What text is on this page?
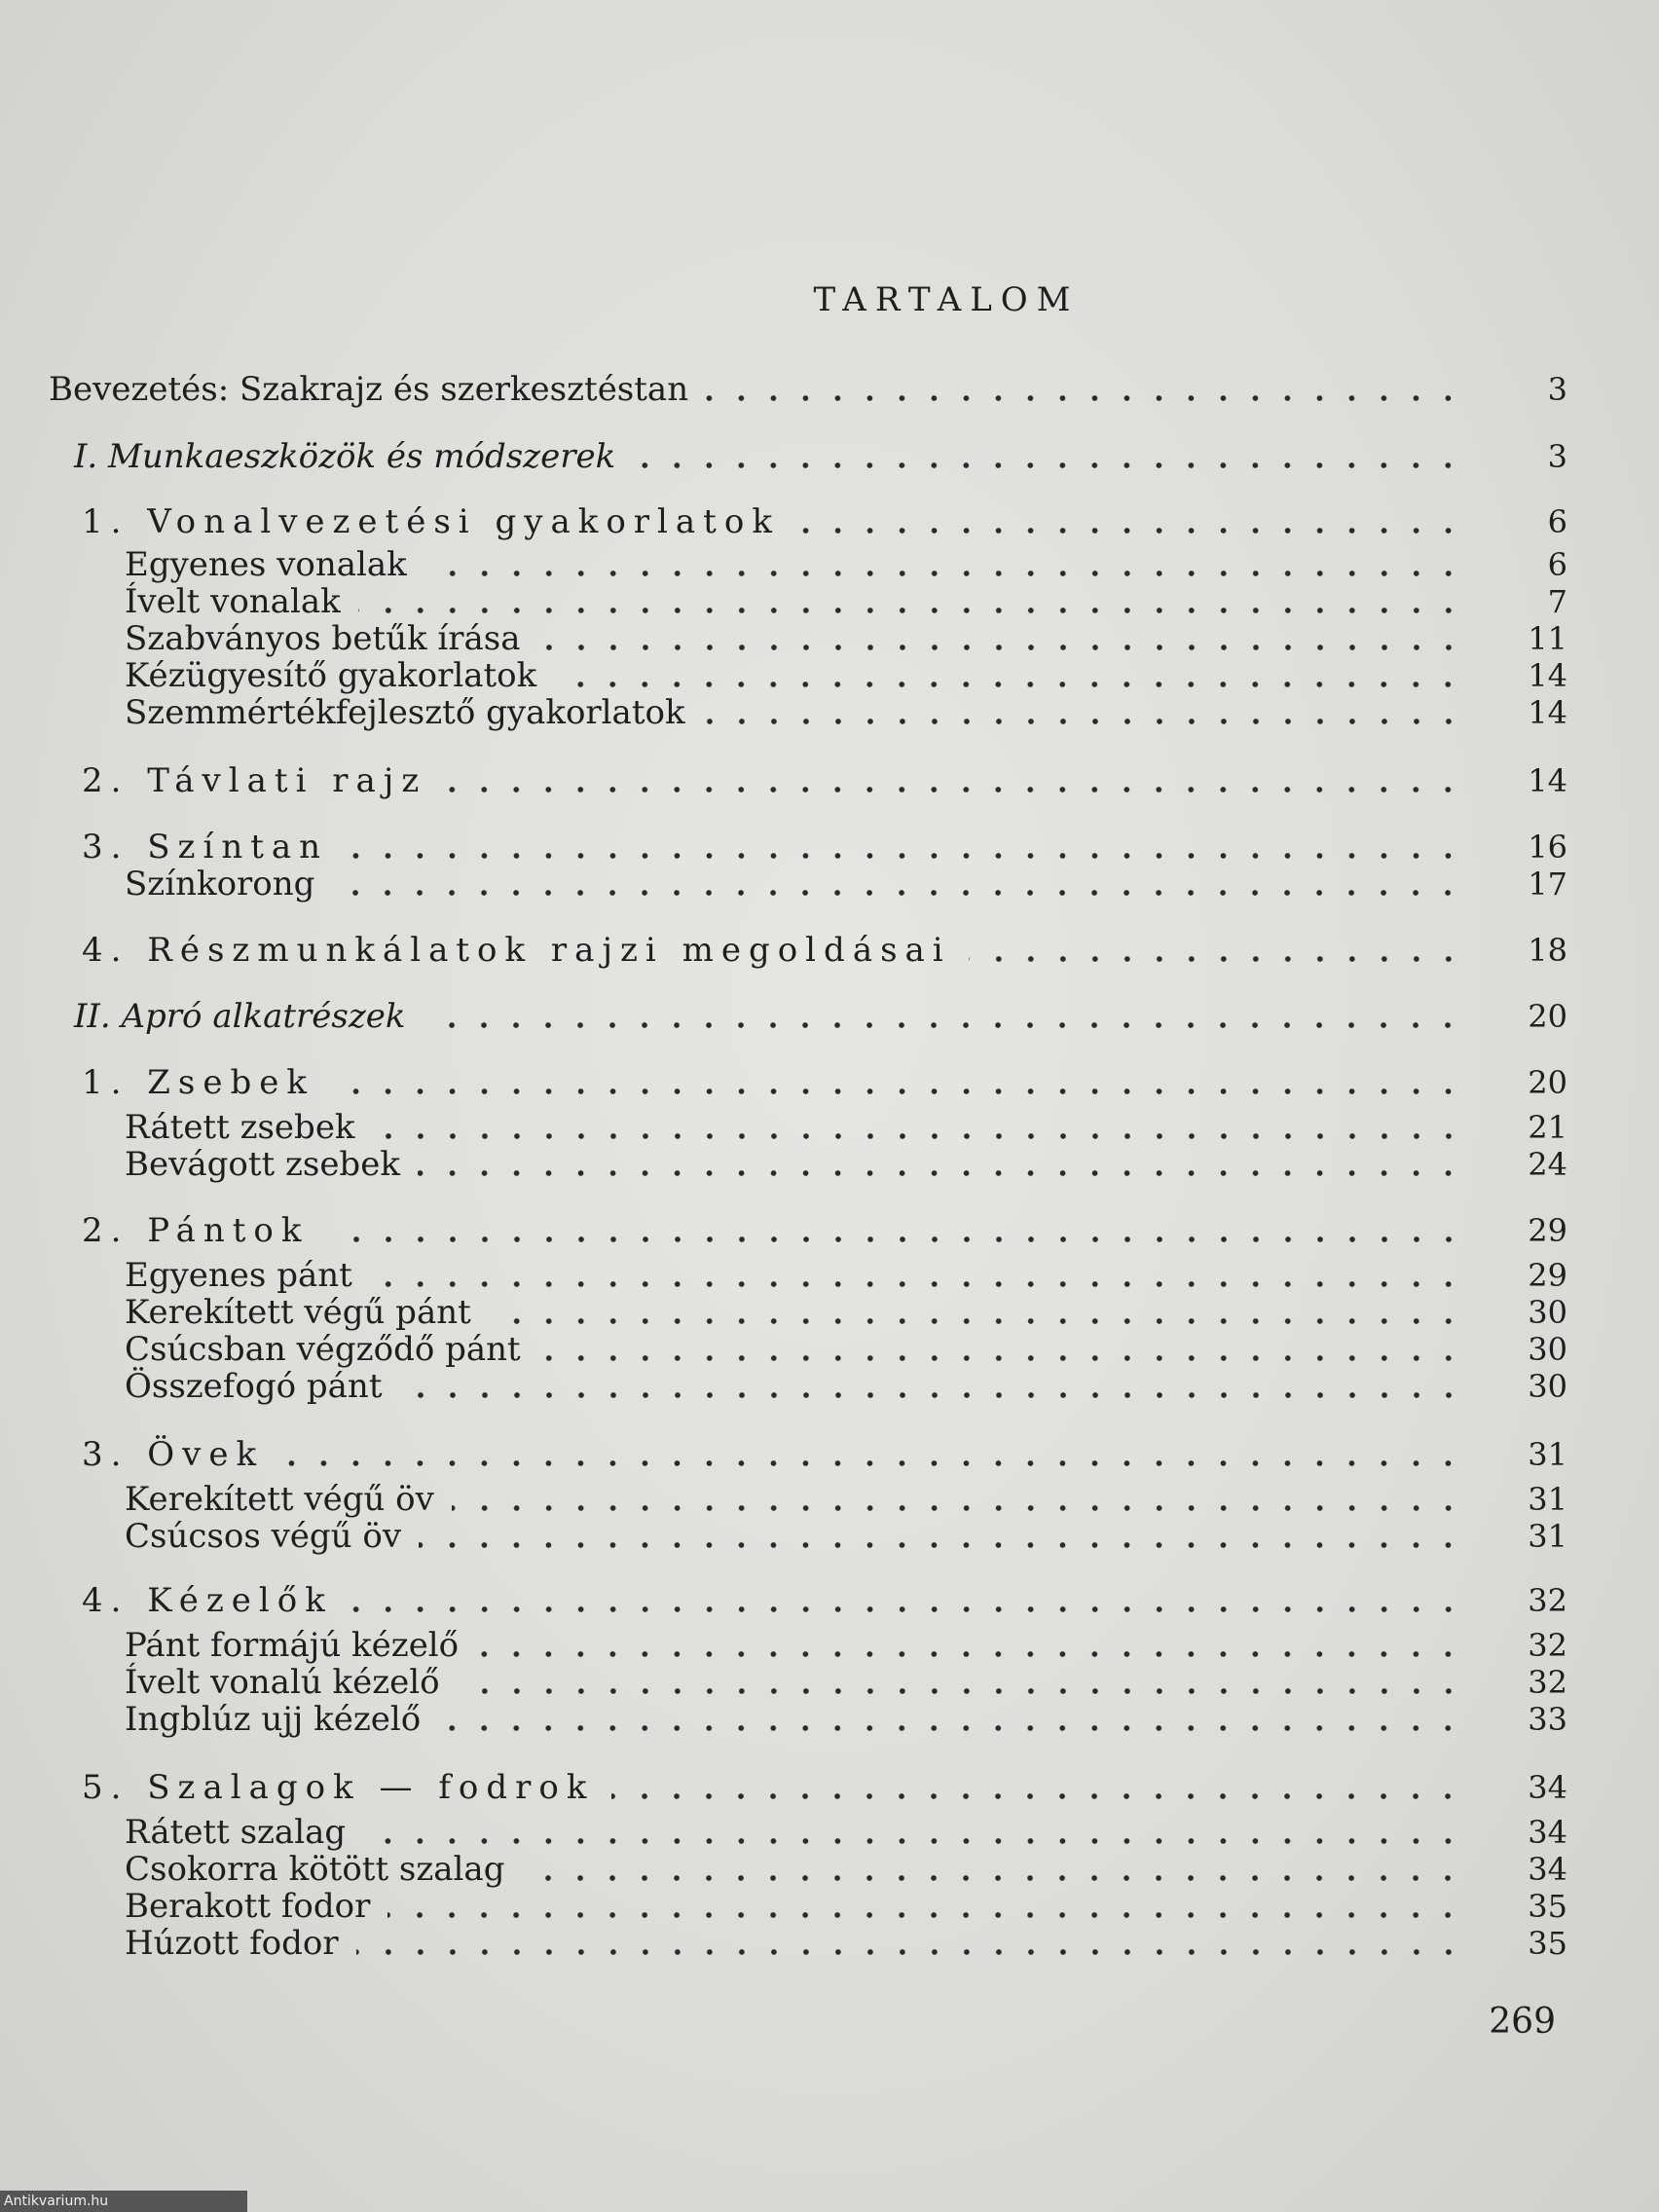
TARTALOM
Bevezetés: Szakrajz és szerkesztéstan	3
I. Munkaeszközök és módszerek	3
1. Vonalvezetési gyakorlatok	6
Egyenes vonalak	6
Ívelt vonalak	7
Szabványos betűk írása	11
Kézügyesítő gyakorlatok	14
Szemmértékfejlesztő gyakorlatok	14
2. Távlati rajz	14
3. Színtan	16
Színkorong	17
4. Részmunkálatok rajzi megoldásai	18
II. Apró alkatrészek	20
1. Zsebek	20
Rátett zsebek	21
Bevágott zsebek	24
2. Pántok	29
Egyenes pánt	29
Kerekített végű pánt	30
Csúcsban végződő pánt	30
Összefogó pánt	30
3. Övek	31
Kerekített végű öv	31
Csúcsos végű öv	31
4. Kézelők	32
Pánt formájú kézelő	32
Ívelt vonalú kézelő	32
Ingblúz ujj kézelő	33
5. Szalagok — fodrok	34
Rátett szalag	34
Csokorra kötött szalag	34
Berakott fodor	35
Húzott fodor	35
269
Antikvarium.hu
